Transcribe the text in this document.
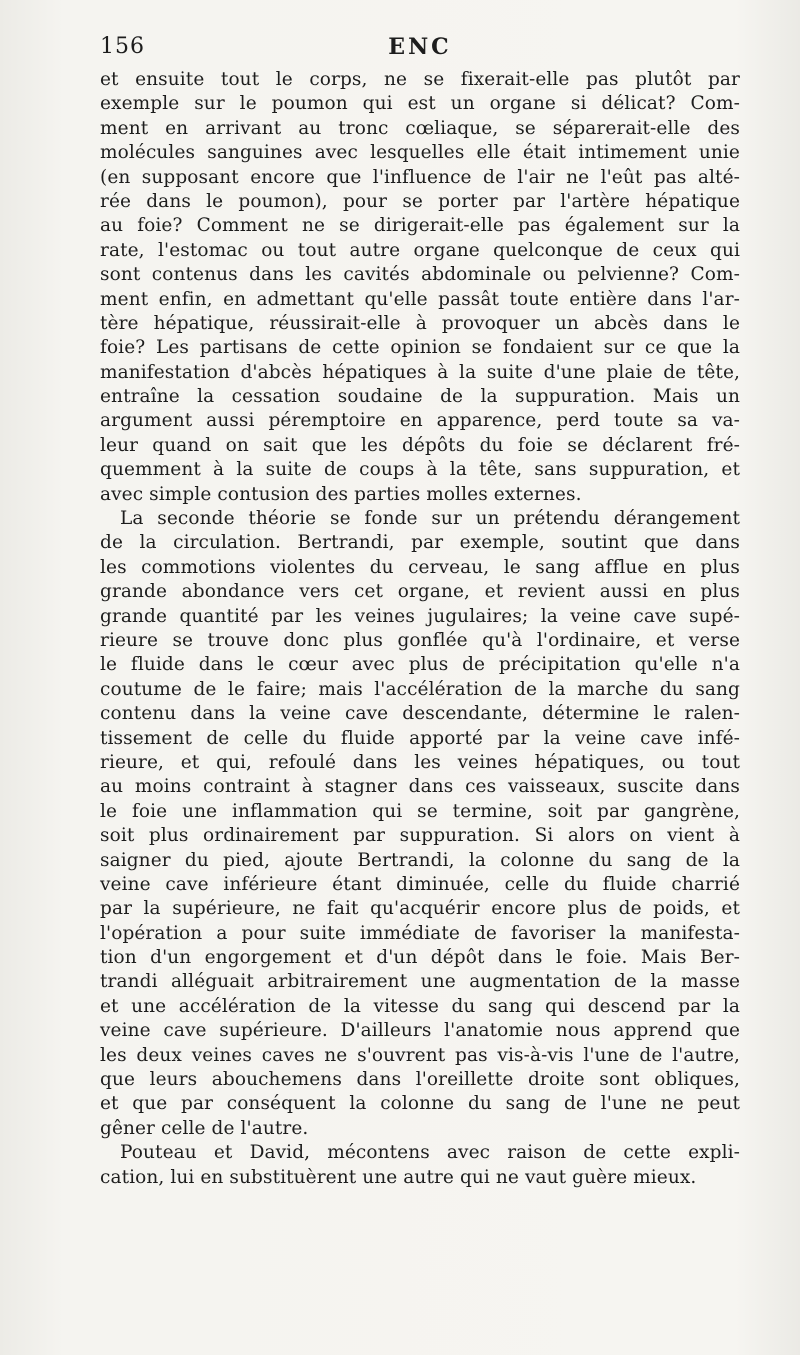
156	ENC
et ensuite tout le corps, ne se fixerait-elle pas plutôt par
exemple sur le poumon qui est un organe si délicat? Com-
ment en arrivant au tronc cœliaque, se séparerait-elle des
molécules sanguines avec lesquelles elle était intimement unie
(en supposant encore que l'influence de l'air ne l'eût pas alté-
rée dans le poumon), pour se porter par l'artère hépatique
au foie? Comment ne se dirigerait-elle pas également sur la
rate, l'estomac ou tout autre organe quelconque de ceux qui
sont contenus dans les cavités abdominale ou pelvienne? Com-
ment enfin, en admettant qu'elle passât toute entière dans l'ar-
tère hépatique, réussirait-elle à provoquer un abcès dans le
foie? Les partisans de cette opinion se fondaient sur ce que la
manifestation d'abcès hépatiques à la suite d'une plaie de tête,
entraîne la cessation soudaine de la suppuration. Mais un
argument aussi péremptoire en apparence, perd toute sa va-
leur quand on sait que les dépôts du foie se déclarent fré-
quemment à la suite de coups à la tête, sans suppuration, et
avec simple contusion des parties molles externes.
La seconde théorie se fonde sur un prétendu dérangement
de la circulation. Bertrandi, par exemple, soutint que dans
les commotions violentes du cerveau, le sang afflue en plus
grande abondance vers cet organe, et revient aussi en plus
grande quantité par les veines jugulaires; la veine cave supé-
rieure se trouve donc plus gonflée qu'à l'ordinaire, et verse
le fluide dans le cœur avec plus de précipitation qu'elle n'a
coutume de le faire; mais l'accélération de la marche du sang
contenu dans la veine cave descendante, détermine le ralen-
tissement de celle du fluide apporté par la veine cave infé-
rieure, et qui, refoulé dans les veines hépatiques, ou tout
au moins contraint à stagner dans ces vaisseaux, suscite dans
le foie une inflammation qui se termine, soit par gangrène,
soit plus ordinairement par suppuration. Si alors on vient à
saigner du pied, ajoute Bertrandi, la colonne du sang de la
veine cave inférieure étant diminuée, celle du fluide charrié
par la supérieure, ne fait qu'acquérir encore plus de poids, et
l'opération a pour suite immédiate de favoriser la manifesta-
tion d'un engorgement et d'un dépôt dans le foie. Mais Ber-
trandi alléguait arbitrairement une augmentation de la masse
et une accélération de la vitesse du sang qui descend par la
veine cave supérieure. D'ailleurs l'anatomie nous apprend que
les deux veines caves ne s'ouvrent pas vis-à-vis l'une de l'autre,
que leurs abouchemens dans l'oreillette droite sont obliques,
et que par conséquent la colonne du sang de l'une ne peut
gêner celle de l'autre.
Pouteau et David, mécontens avec raison de cette expli-
cation, lui en substituèrent une autre qui ne vaut guère mieux.
